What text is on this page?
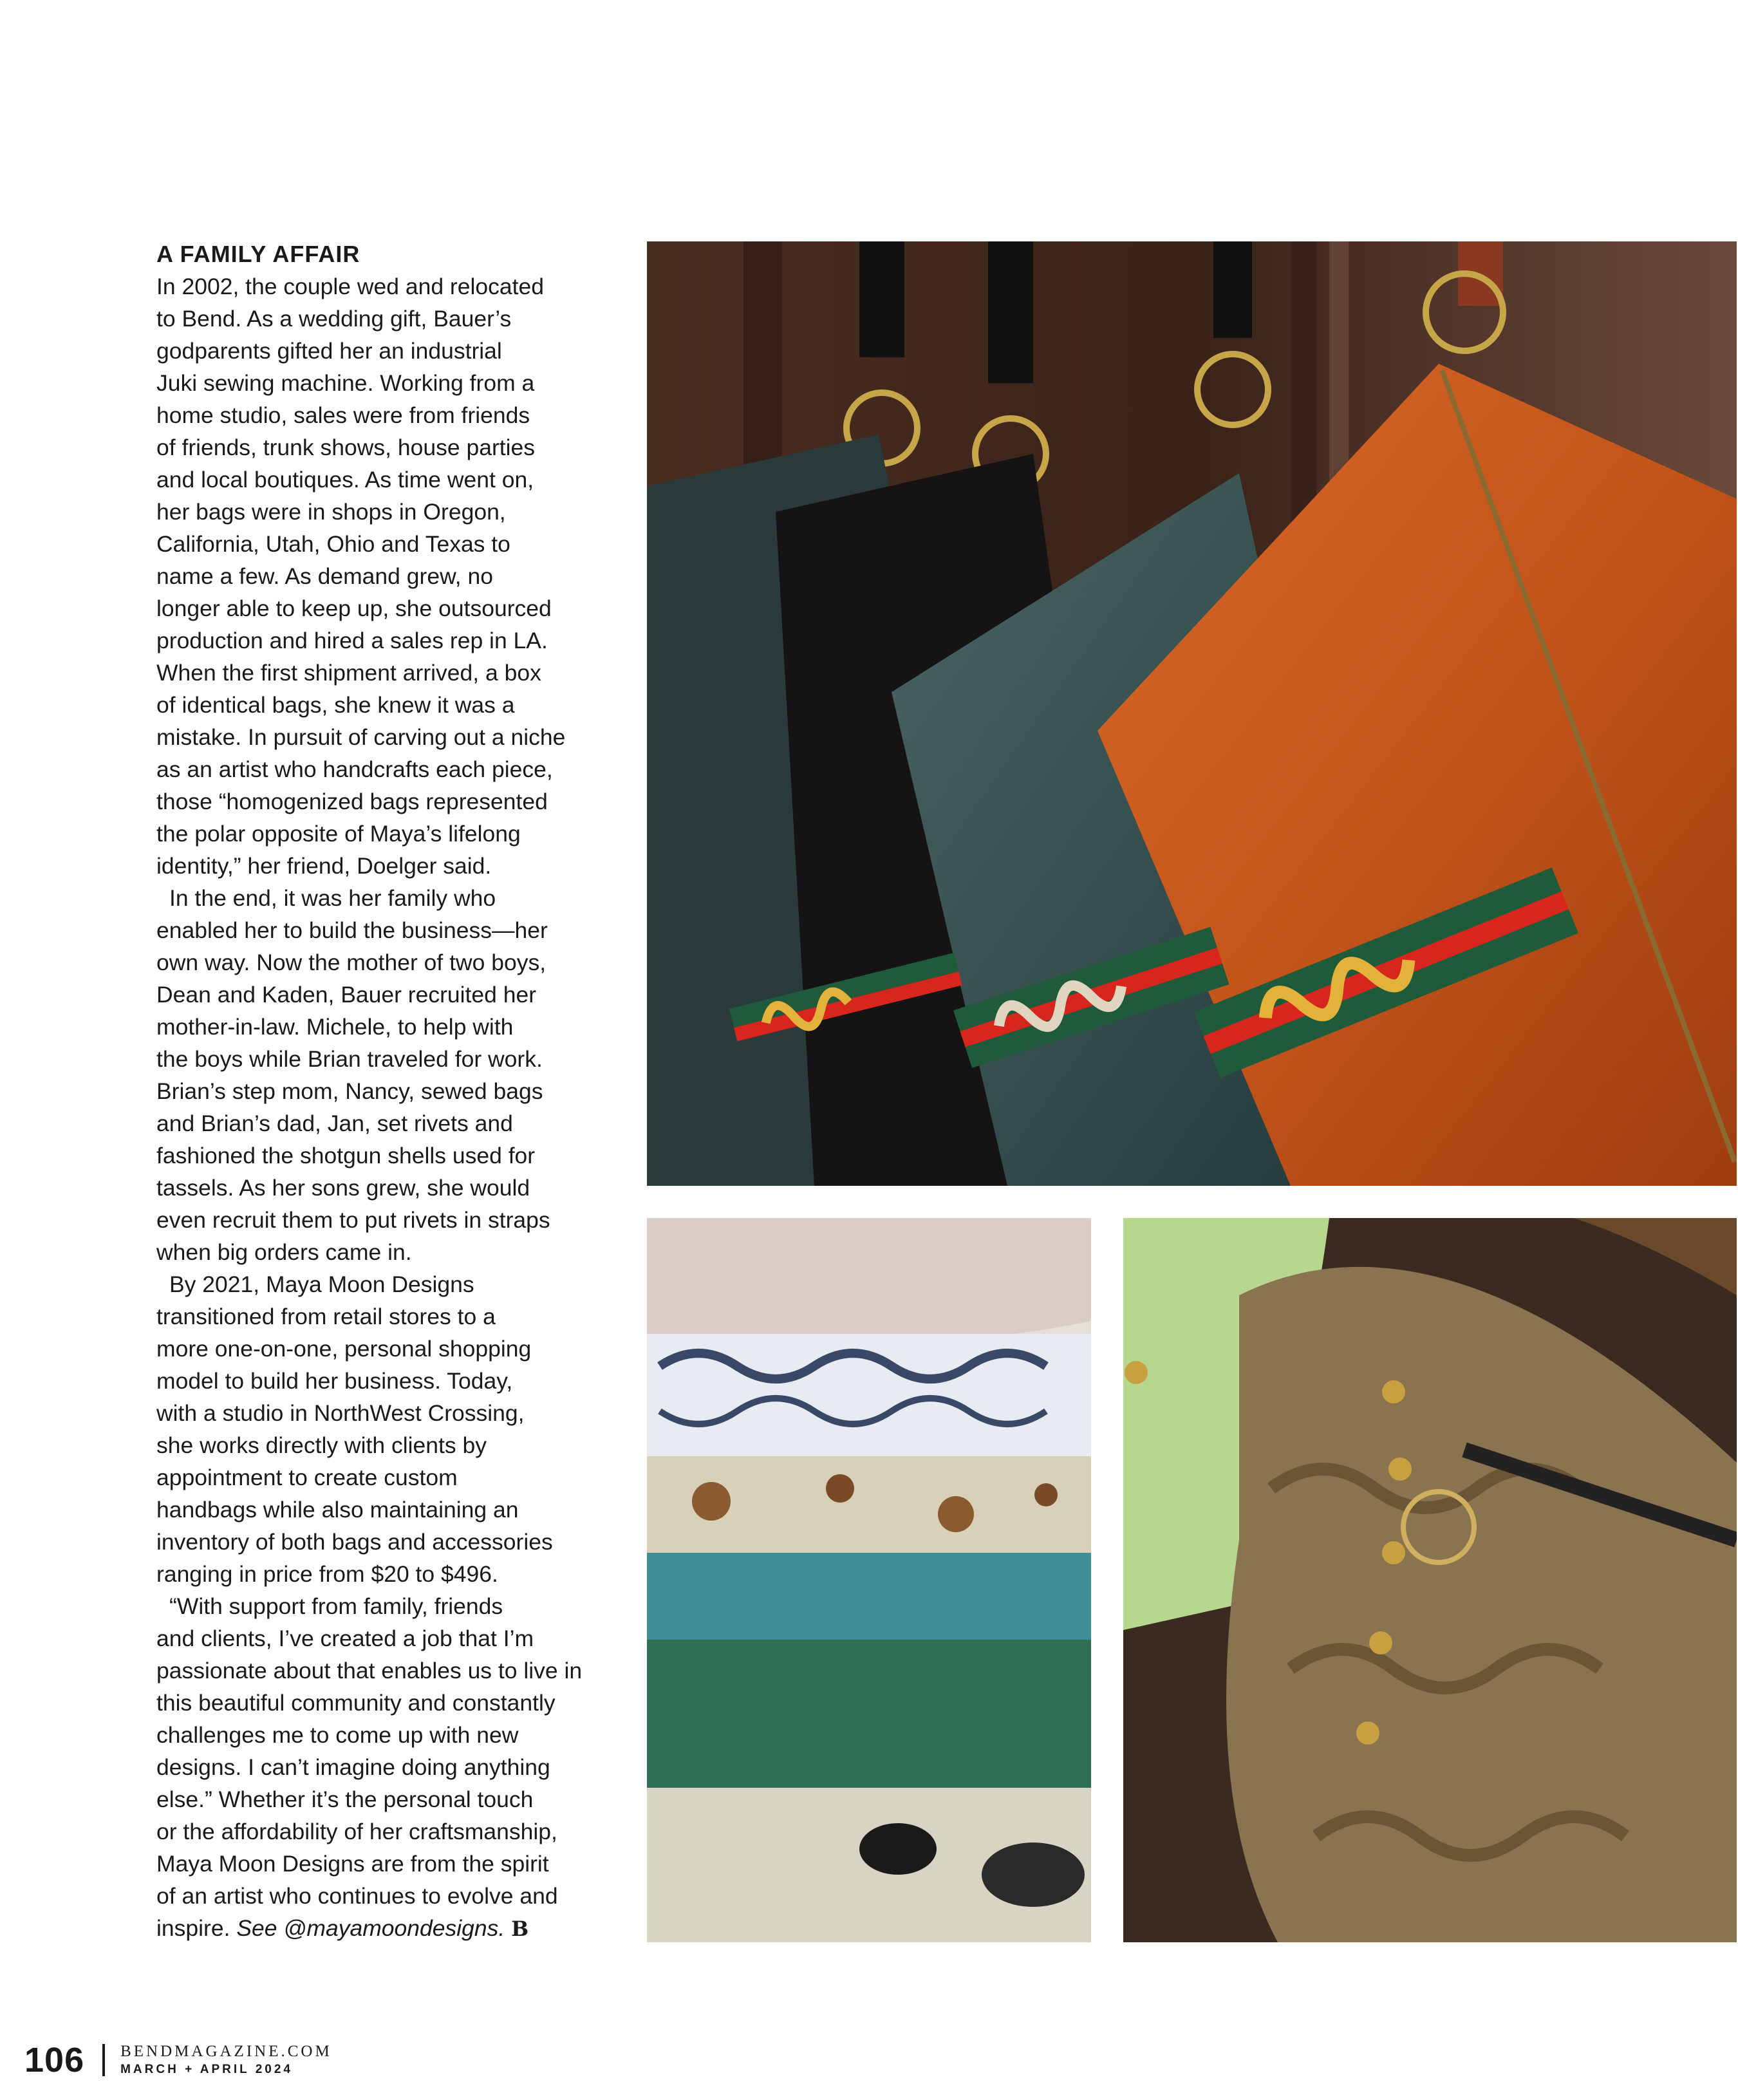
A FAMILY AFFAIR

In 2002, the couple wed and relocated
to Bend. As a wedding gift, Bauer’s
godparents gifted her an industrial
Juki sewing machine. Working from a
home studio, sales were from friends
of friends, trunk shows, house parties
and local boutiques. As time went on,
her bags were in shops in Oregon,
California, Utah, Ohio and Texas to
name a few. As demand grew, no
longer able to keep up, she outsourced
production and hired a sales rep in LA.
When the first shipment arrived, a box
of identical bags, she knew it was a
mistake. In pursuit of carving out a niche
as an artist who handcrafts each piece,
those “homogenized bags represented
the polar opposite of Maya’s lifelong
identity,” her friend, Doelger said.

In the end, it was her family who
enabled her to build the business—her
own way. Now the mother of two boys,
Dean and Kaden, Bauer recruited her
mother-in-law. Michele, to help with
the boys while Brian traveled for work.
Brian’s step mom, Nancy, sewed bags
and Brian’s dad, Jan, set rivets and
fashioned the shotgun shells used for
tassels. As her sons grew, she would
even recruit them to put rivets in straps
when big orders came in.

By 2021, Maya Moon Designs
transitioned from retail stores to a
more one-on-one, personal shopping
model to build her business. Today,
with a studio in NorthWest Crossing,
she works directly with clients by
appointment to create custom
handbags while also maintaining an
inventory of both bags and accessories
ranging in price from $20 to $496.

“With support from family, friends
and clients, I’ve created a job that I’m
passionate about that enables us to live in
this beautiful community and constantly
challenges me to come up with new
designs. I can’t imagine doing anything
else.” Whether it’s the personal touch
or the affordability of her craftsmanship,
Maya Moon Designs are from the spirit
of an artist who continues to evolve and
inspire. See @mayamoondesigns. B

106 BENDMAGAZINE.COM
MARCH + APRIL 2024
